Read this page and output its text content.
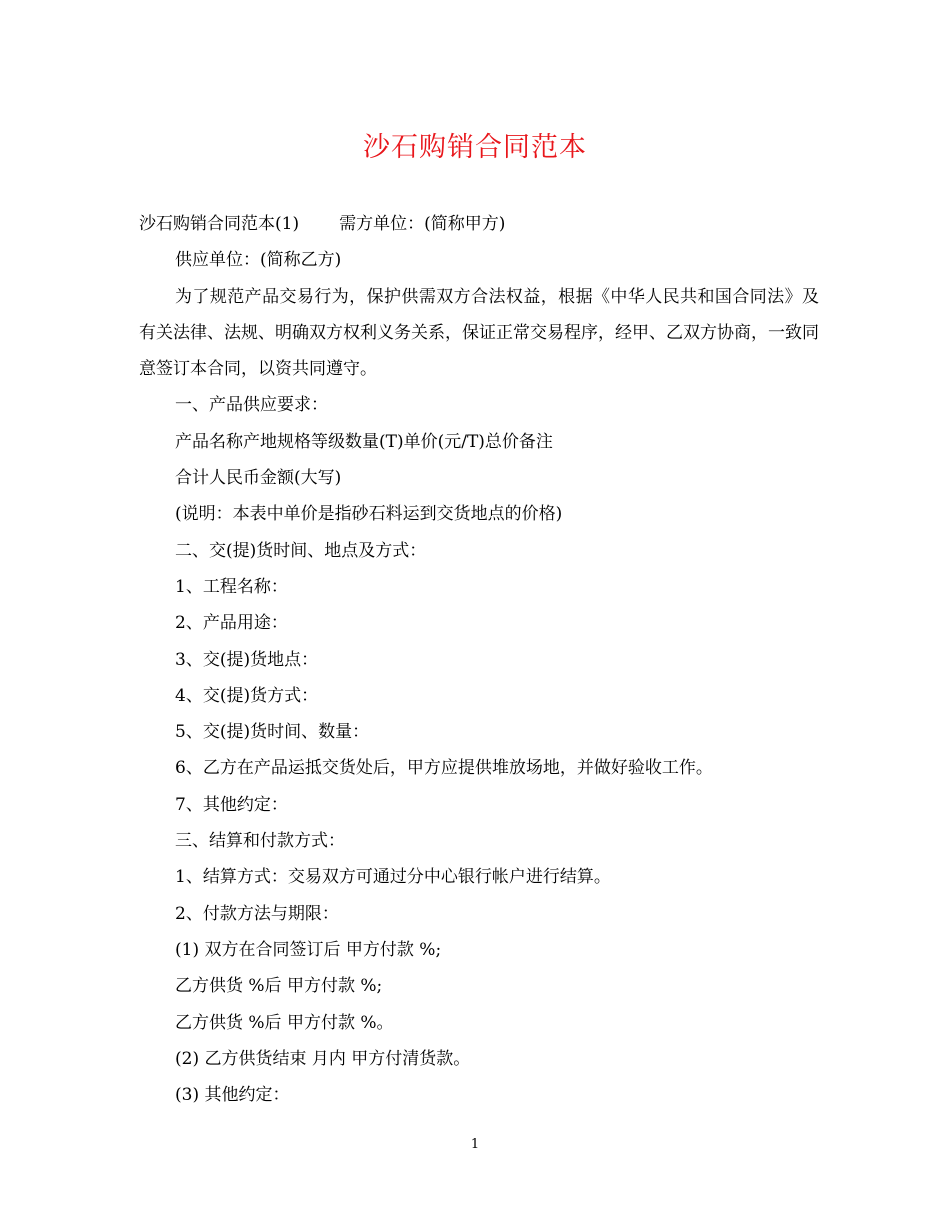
沙石购销合同范本
沙石购销合同范本(1) 需方单位：(简称甲方)
供应单位：(简称乙方)
为了规范产品交易行为，保护供需双方合法权益，根据《中华人民共和国合同法》及有关法律、法规、明确双方权利义务关系，保证正常交易程序，经甲、乙双方协商，一致同意签订本合同，以资共同遵守。
一、产品供应要求：
产品名称产地规格等级数量(T)单价(元/T)总价备注
合计人民币金额(大写)
(说明：本表中单价是指砂石料运到交货地点的价格)
二、交(提)货时间、地点及方式：
1、工程名称：
2、产品用途：
3、交(提)货地点：
4、交(提)货方式：
5、交(提)货时间、数量：
6、乙方在产品运抵交货处后，甲方应提供堆放场地，并做好验收工作。
7、其他约定：
三、结算和付款方式：
1、结算方式：交易双方可通过分中心银行帐户进行结算。
2、付款方法与期限：
(1) 双方在合同签订后 甲方付款 %;
乙方供货 %后 甲方付款 %;
乙方供货 %后 甲方付款 %。
(2) 乙方供货结束 月内 甲方付清货款。
(3) 其他约定：
1
